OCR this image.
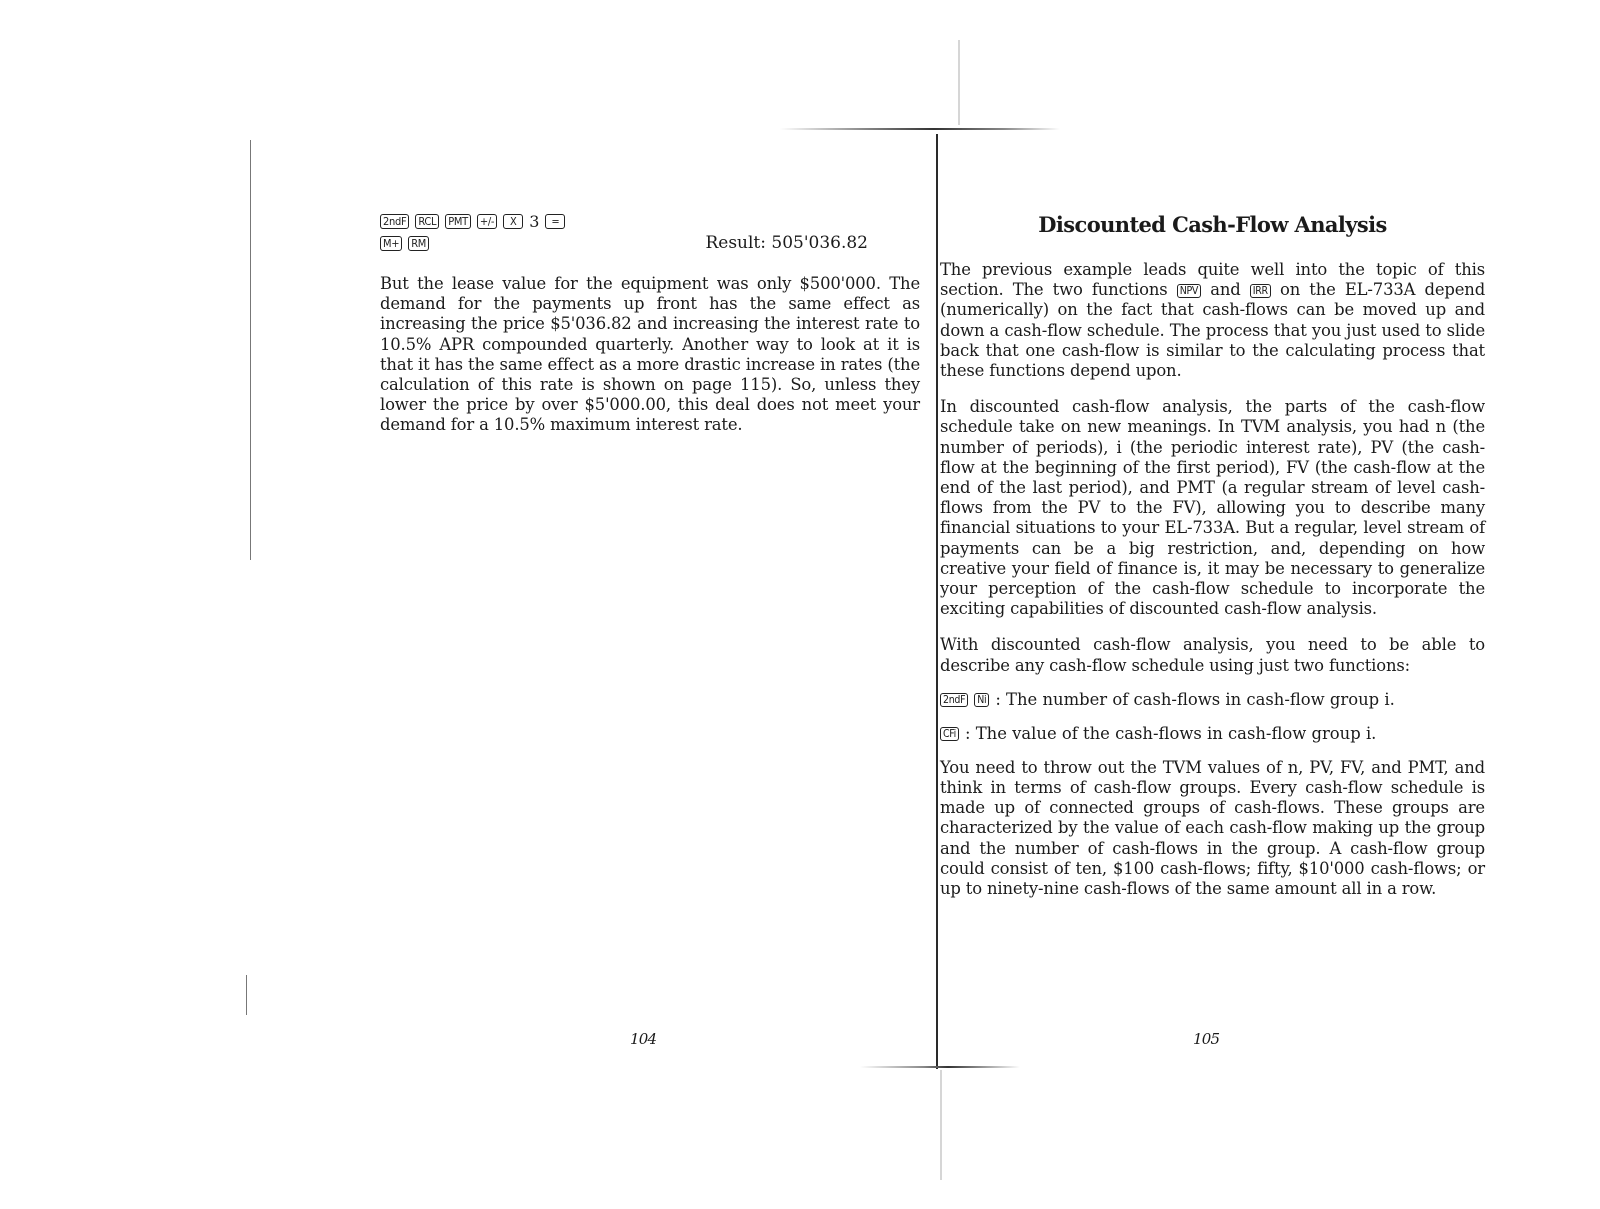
2ndF RCL PMT +/-	X 3	=
M+ RM	Result: 505'036.82

But the lease value for the equipment was only $500'000. The demand for the payments up front has the same effect as increasing the price $5'036.82 and increasing the interest rate to 10.5% APR compounded quarterly. Another way to look at it is that it has the same effect as a more drastic increase in rates (the calculation of this rate is shown on page 115). So, unless they lower the price by over $5'000.00, this deal does not meet your demand for a 10.5% maximum interest rate.

104
Discounted Cash-Flow Analysis

The previous example leads quite well into the topic of this section. The two functions NPV and IRR on the EL-733A depend (numerically) on the fact that cash-flows can be moved up and down a cash-flow schedule. The process that you just used to slide back that one cash-flow is similar to the calculating process that these functions depend upon.

In discounted cash-flow analysis, the parts of the cash-flow schedule take on new meanings. In TVM analysis, you had n (the number of periods), i (the periodic interest rate), PV (the cash-flow at the beginning of the first period), FV (the cash-flow at the end of the last period), and PMT (a regular stream of level cash-flows from the PV to the FV), allowing you to describe many financial situations to your EL-733A. But a regular, level stream of payments can be a big restriction, and, depending on how creative your field of finance is, it may be necessary to generalize your perception of the cash-flow schedule to incorporate the exciting capabilities of discounted cash-flow analysis.

With discounted cash-flow analysis, you need to be able to describe any cash-flow schedule using just two functions:

2ndF Ni : The number of cash-flows in cash-flow group i.
CFi : The value of the cash-flows in cash-flow group i.

You need to throw out the TVM values of n, PV, FV, and PMT, and think in terms of cash-flow groups. Every cash-flow schedule is made up of connected groups of cash-flows. These groups are characterized by the value of each cash-flow making up the group and the number of cash-flows in the group. A cash-flow group could consist of ten, $100 cash-flows; fifty, $10'000 cash-flows; or up to ninety-nine cash-flows of the same amount all in a row.

105
